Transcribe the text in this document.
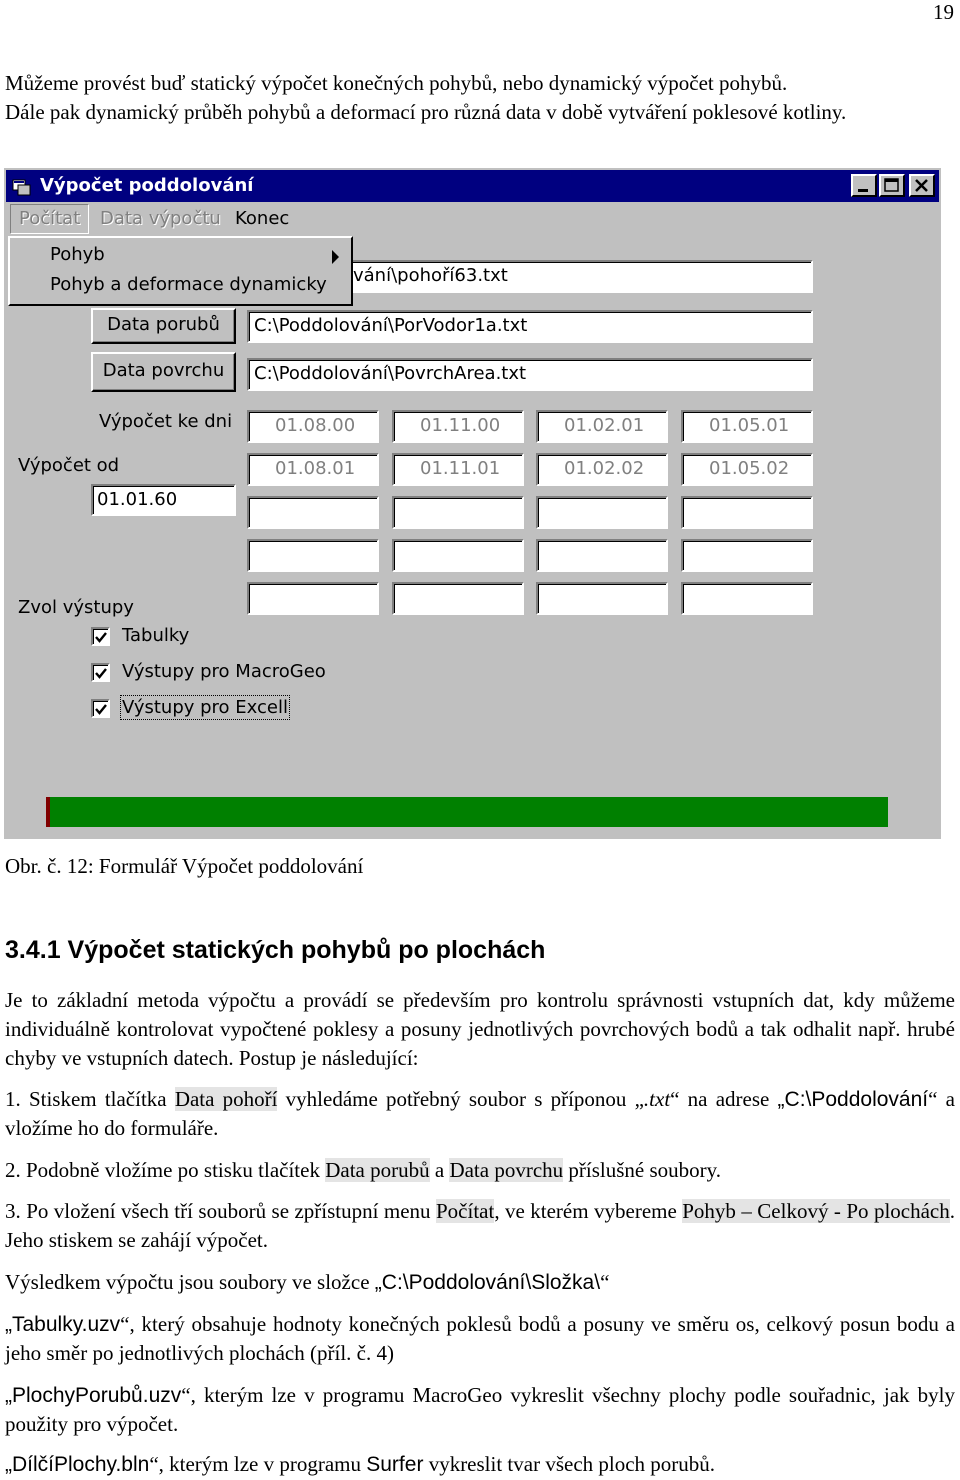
19

Můžeme provést buď statický výpočet konečných pohybů, nebo dynamický výpočet pohybů.
Dále pak dynamický průběh pohybů a deformací pro různá data v době vytváření poklesové kotliny.

Výpočet poddolování
Počítat	Data výpočtu Konec
Pohyb
Pohyb a deformace dynamicky	vání\pohoří63.txt
Data porubů	C:\Poddolování\PorVodor1a.txt
Data povrchu	C:\Poddolování\PovrchArea.txt
Výpočet ke dni
Výpočet od
01.01.60
01.08.00	01.11.00	01.02.01	01.05.01
01.08.01	01.11.01	01.02.02	01.05.02
Zvol výstupy
Tabulky
Výstupy pro MacroGeo
Výstupy pro Excell
Obr. č. 12: Formulář Výpočet poddolování
3.4.1 Výpočet statických pohybů po plochách

Je to základní metoda výpočtu a provádí se především pro kontrolu správnosti vstupních dat, kdy můžeme individuálně kontrolovat vypočtené poklesy a posuny jednotlivých povrchových bodů a tak odhalit např. hrubé chyby ve vstupních datech. Postup je následující:

1. Stiskem tlačítka Data pohoří vyhledáme potřebný soubor s příponou „.txt“ na adrese „C:\Poddolování“ a vložíme ho do formuláře.

2. Podobně vložíme po stisku tlačítek Data porubů a Data povrchu příslušné soubory.

3. Po vložení všech tří souborů se zpřístupní menu Počítat, ve kterém vybereme Pohyb – Celkový - Po plochách. Jeho stiskem se zahájí výpočet.

Výsledkem výpočtu jsou soubory ve složce „C:\Poddolování\Složka\“

„Tabulky.uzv“, který obsahuje hodnoty konečných poklesů bodů a posuny ve směru os, celkový posun bodu a jeho směr po jednotlivých plochách (příl. č. 4)

„PlochyPorubů.uzv“, kterým lze v programu MacroGeo vykreslit všechny plochy podle souřadnic, jak byly použity pro výpočet.

„DílčíPlochy.bln“, kterým lze v programu Surfer vykreslit tvar všech ploch porubů.
